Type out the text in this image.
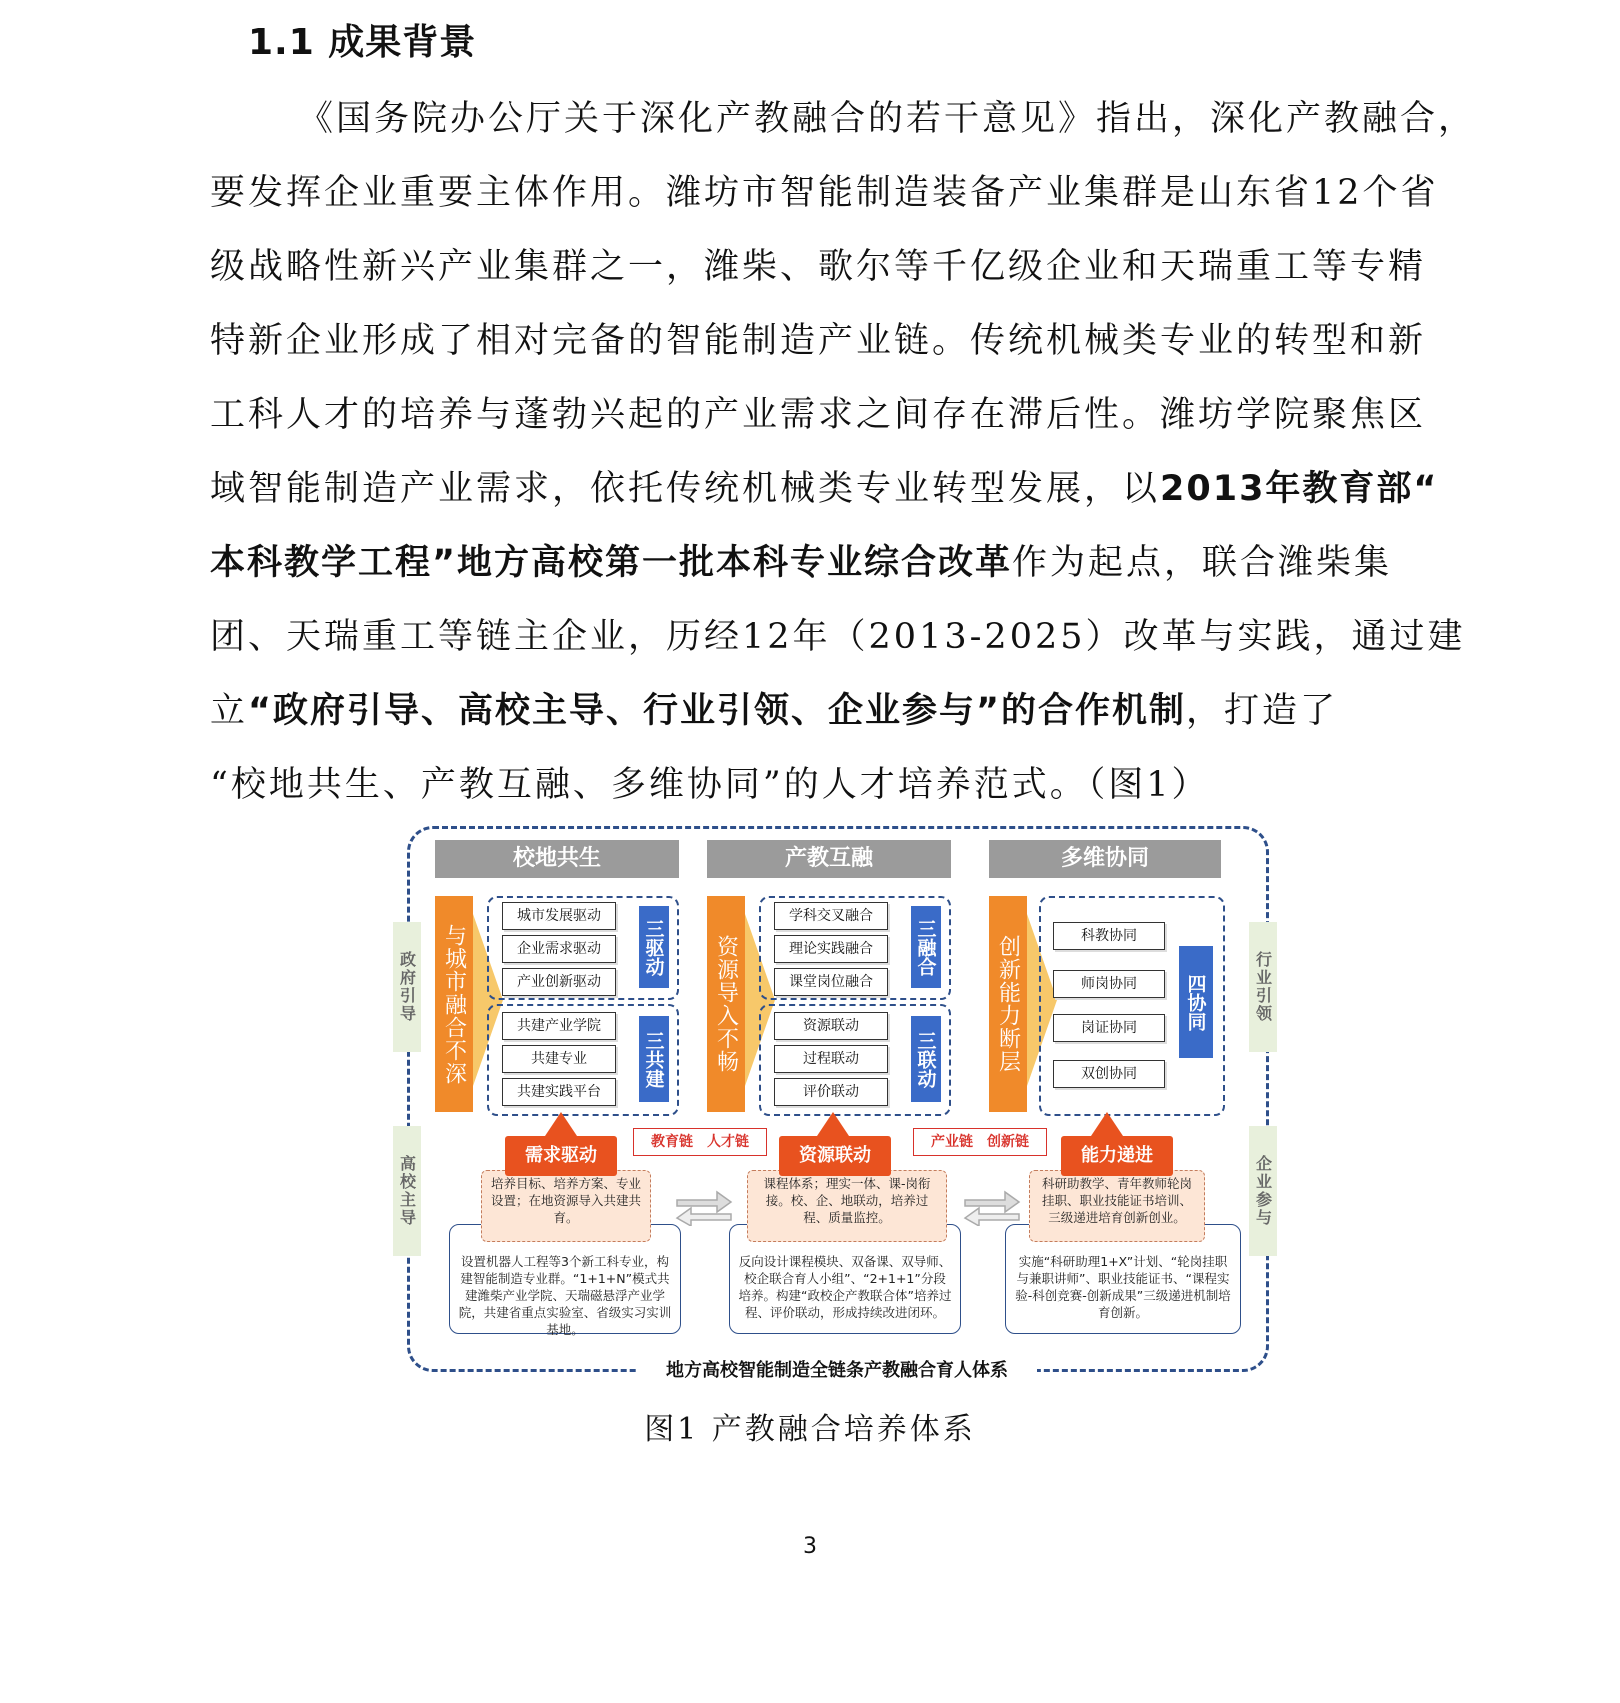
1.1 成果背景
《国务院办公厅关于深化产教融合的若干意见》指出，深化产教融合，
要发挥企业重要主体作用。潍坊市智能制造装备产业集群是山东省12个省
级战略性新兴产业集群之一，潍柴、歌尔等千亿级企业和天瑞重工等专精
特新企业形成了相对完备的智能制造产业链。传统机械类专业的转型和新
工科人才的培养与蓬勃兴起的产业需求之间存在滞后性。潍坊学院聚焦区
域智能制造产业需求，依托传统机械类专业转型发展，以2013年教育部“
本科教学工程”地方高校第一批本科专业综合改革作为起点，联合潍柴集
团、天瑞重工等链主企业，历经12年（2013-2025）改革与实践，通过建
立“政府引导、高校主导、行业引领、企业参与”的合作机制，打造了
“校地共生、产教互融、多维协同”的人才培养范式。（图1）
校地共生	产教互融	多维协同
政府引导
高校主导
行业引领
企业参与
与城市融合不深
城市发展驱动
企业需求驱动
产业创新驱动
三驱动
共建产业学院
共建专业
共建实践平台
三共建 资源导入不畅
学科交叉融合
理论实践融合
课堂岗位融合
三融合
资源联动
过程联动
评价联动
三联动	创新能力断层	科教协同
师岗协同
岗证协同
双创协同
四协同
需求驱动	资源联动	能力递进
教育链　人才链	产业链　创新链
培养目标、培养方案、专业设置；在地资源导入共建共育。
课程体系；理实一体、课-岗衔接。校、企、地联动，培养过程、质量监控。
科研助教学、青年教师轮岗挂职、职业技能证书培训、三级递进培育创新创业。
设置机器人工程等3个新工科专业，构建智能制造专业群。“1+1+N”模式共建潍柴产业学院、天瑞磁悬浮产业学院，共建省重点实验室、省级实习实训基地。
反向设计课程模块、双备课、双导师、校企联合育人小组”、“2+1+1”分段培养。构建“政校企产教联合体”培养过程、评价联动，形成持续改进闭环。
实施“科研助理1+X”计划、“轮岗挂职与兼职讲师”、职业技能证书、“课程实验-科创竞赛-创新成果”三级递进机制培育创新。
地方高校智能制造全链条产教融合育人体系
图1 产教融合培养体系
3
